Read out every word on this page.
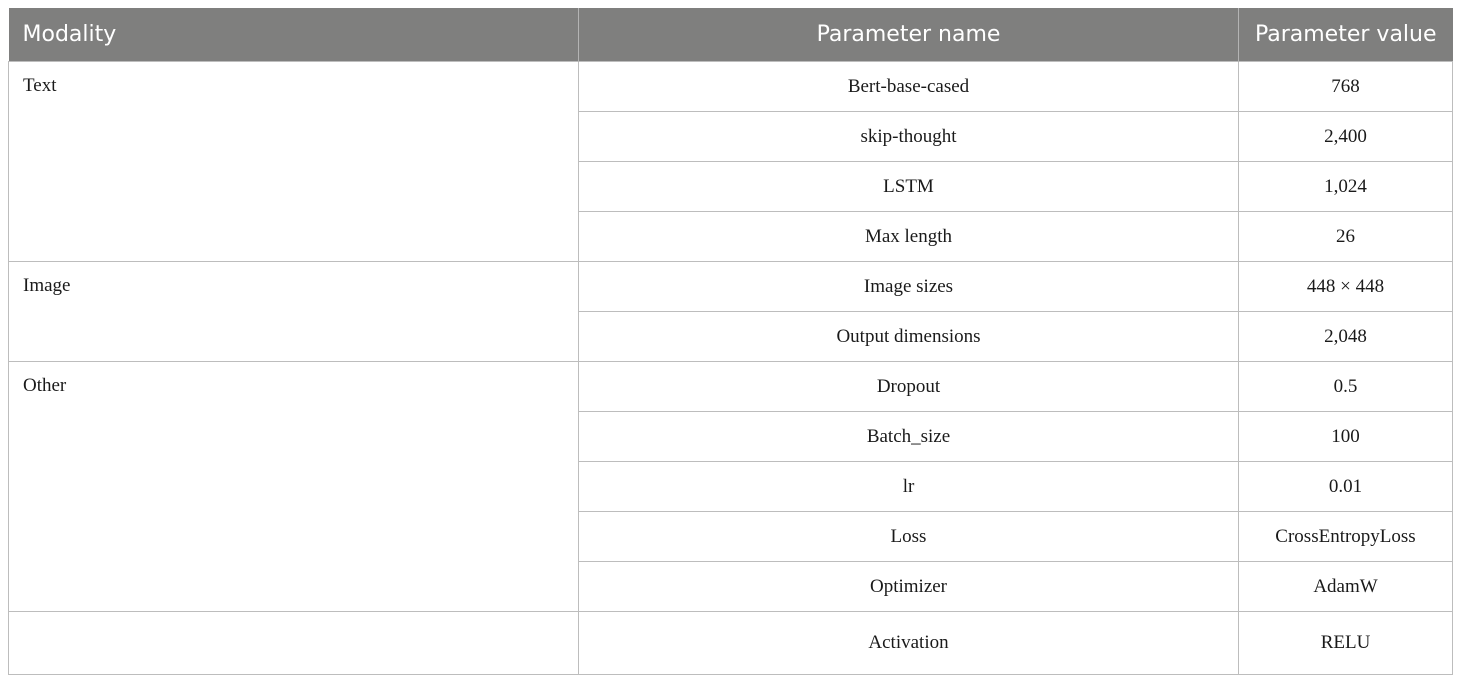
Modality	Parameter name	Parameter value
Text	Bert-base-cased	768
	skip-thought	2,400
	LSTM	1,024
	Max length	26
Image	Image sizes	448 × 448
	Output dimensions	2,048
Other	Dropout	0.5
	Batch_size	100
	lr	0.01
	Loss	CrossEntropyLoss
	Optimizer	AdamW
	Activation	RELU
